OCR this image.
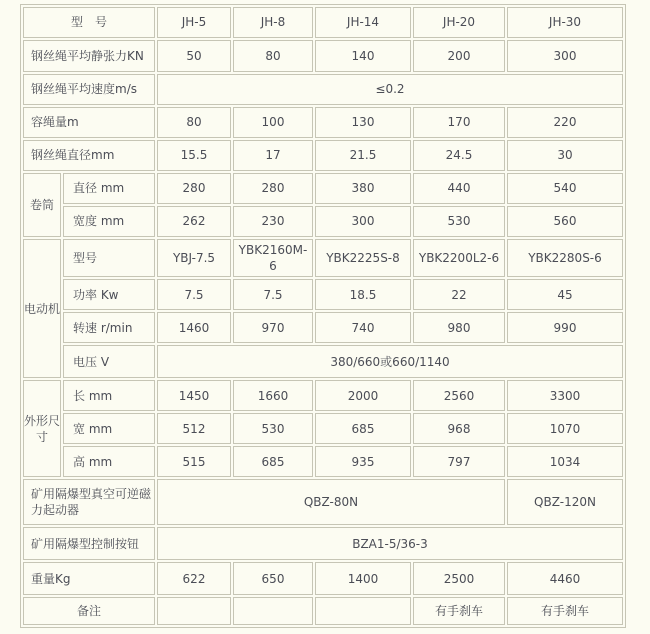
型　号		JH-5	JH-8	JH-14	JH-20	JH-30
钢丝绳平均静张力KN		50	80	140	200	300
钢丝绳平均速度m/s		≤0.2				
容绳量m		80	100	130	170	220
钢丝绳直径mm		15.5	17	21.5	24.5	30
卷筒	直径 mm	280	280	380	440	540
	宽度 mm	262	230	300	530	560
电动机	型号	YBJ-7.5	YBK2160M-6	YBK2225S-8	YBK2200L2-6	YBK2280S-6
	功率 Kw	7.5	7.5	18.5	22	45
	转速 r/min	1460	970	740	980	990
	电压 V	380/660或660/1140				
外形尺寸	长 mm	1450	1660	2000	2560	3300
	宽 mm	512	530	685	968	1070
	高 mm	515	685	935	797	1034
矿用隔爆型真空可逆磁力起动器		QBZ-80N				QBZ-120N
矿用隔爆型控制按钮		BZA1-5/36-3				
重量Kg		622	650	1400	2500	4460
备注					有手刹车	有手刹车
